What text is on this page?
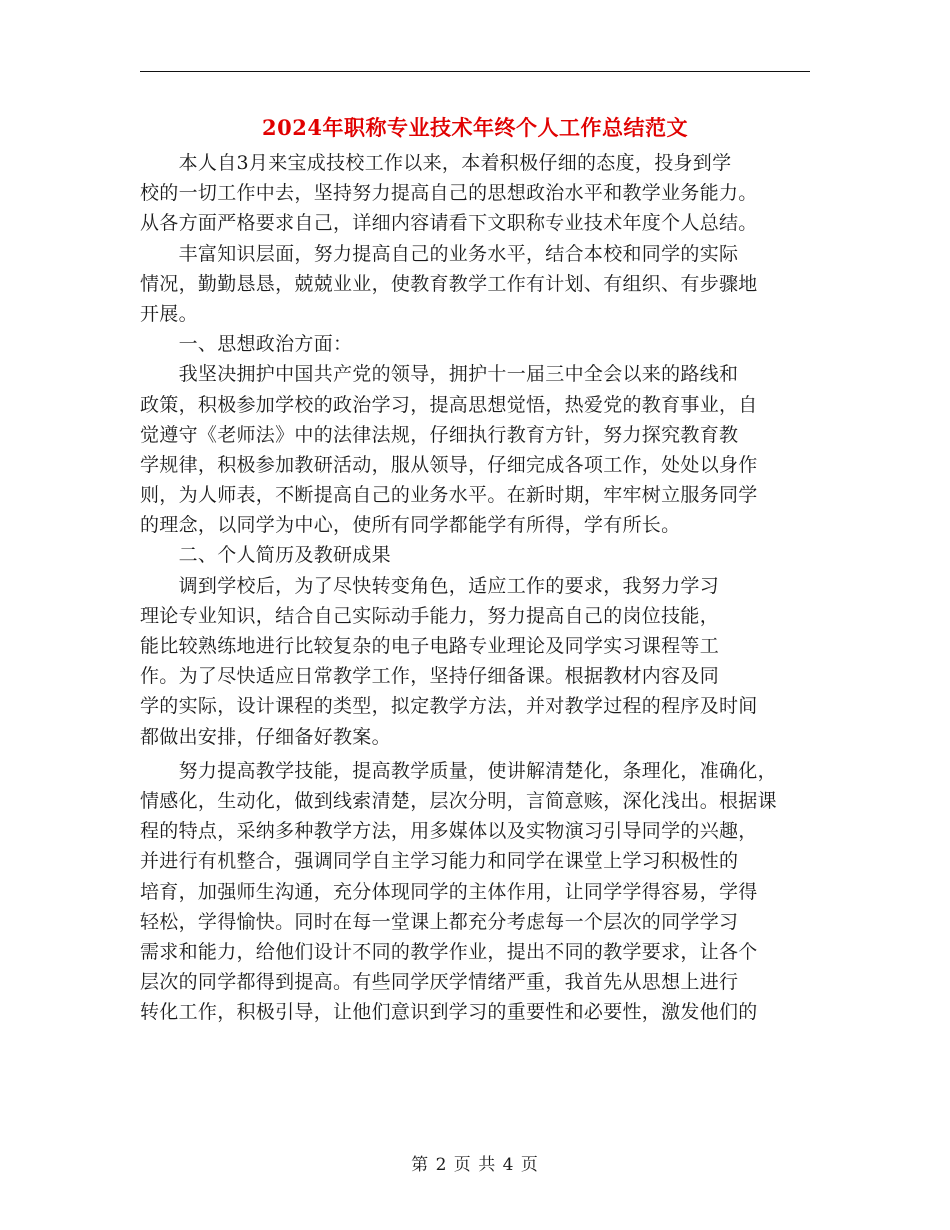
2024年职称专业技术年终个人工作总结范文
　　本人自3月来宝成技校工作以来，本着积极仔细的态度，投身到学
校的一切工作中去，坚持努力提高自己的思想政治水平和教学业务能力。
从各方面严格要求自己，详细内容请看下文职称专业技术年度个人总结。
　　丰富知识层面，努力提高自己的业务水平，结合本校和同学的实际
情况，勤勤恳恳，兢兢业业，使教育教学工作有计划、有组织、有步骤地
开展。
　　一、思想政治方面：
　　我坚决拥护中国共产党的领导，拥护十一届三中全会以来的路线和
政策，积极参加学校的政治学习，提高思想觉悟，热爱党的教育事业，自
觉遵守《老师法》中的法律法规，仔细执行教育方针，努力探究教育教
学规律，积极参加教研活动，服从领导，仔细完成各项工作，处处以身作
则，为人师表，不断提高自己的业务水平。在新时期，牢牢树立服务同学
的理念，以同学为中心，使所有同学都能学有所得，学有所长。
　　二、个人简历及教研成果
　　调到学校后，为了尽快转变角色，适应工作的要求，我努力学习
理论专业知识，结合自己实际动手能力，努力提高自己的岗位技能，
能比较熟练地进行比较复杂的电子电路专业理论及同学实习课程等工
作。为了尽快适应日常教学工作，坚持仔细备课。根据教材内容及同
学的实际，设计课程的类型，拟定教学方法，并对教学过程的程序及时间
都做出安排，仔细备好教案。
　　努力提高教学技能，提高教学质量，使讲解清楚化，条理化，准确化，
情感化，生动化，做到线索清楚，层次分明，言简意赅，深化浅出。根据课
程的特点，采纳多种教学方法，用多媒体以及实物演习引导同学的兴趣，
并进行有机整合，强调同学自主学习能力和同学在课堂上学习积极性的
培育，加强师生沟通，充分体现同学的主体作用，让同学学得容易，学得
轻松，学得愉快。同时在每一堂课上都充分考虑每一个层次的同学学习
需求和能力，给他们设计不同的教学作业，提出不同的教学要求，让各个
层次的同学都得到提高。有些同学厌学情绪严重，我首先从思想上进行
转化工作，积极引导，让他们意识到学习的重要性和必要性，激发他们的
第 2 页 共 4 页
